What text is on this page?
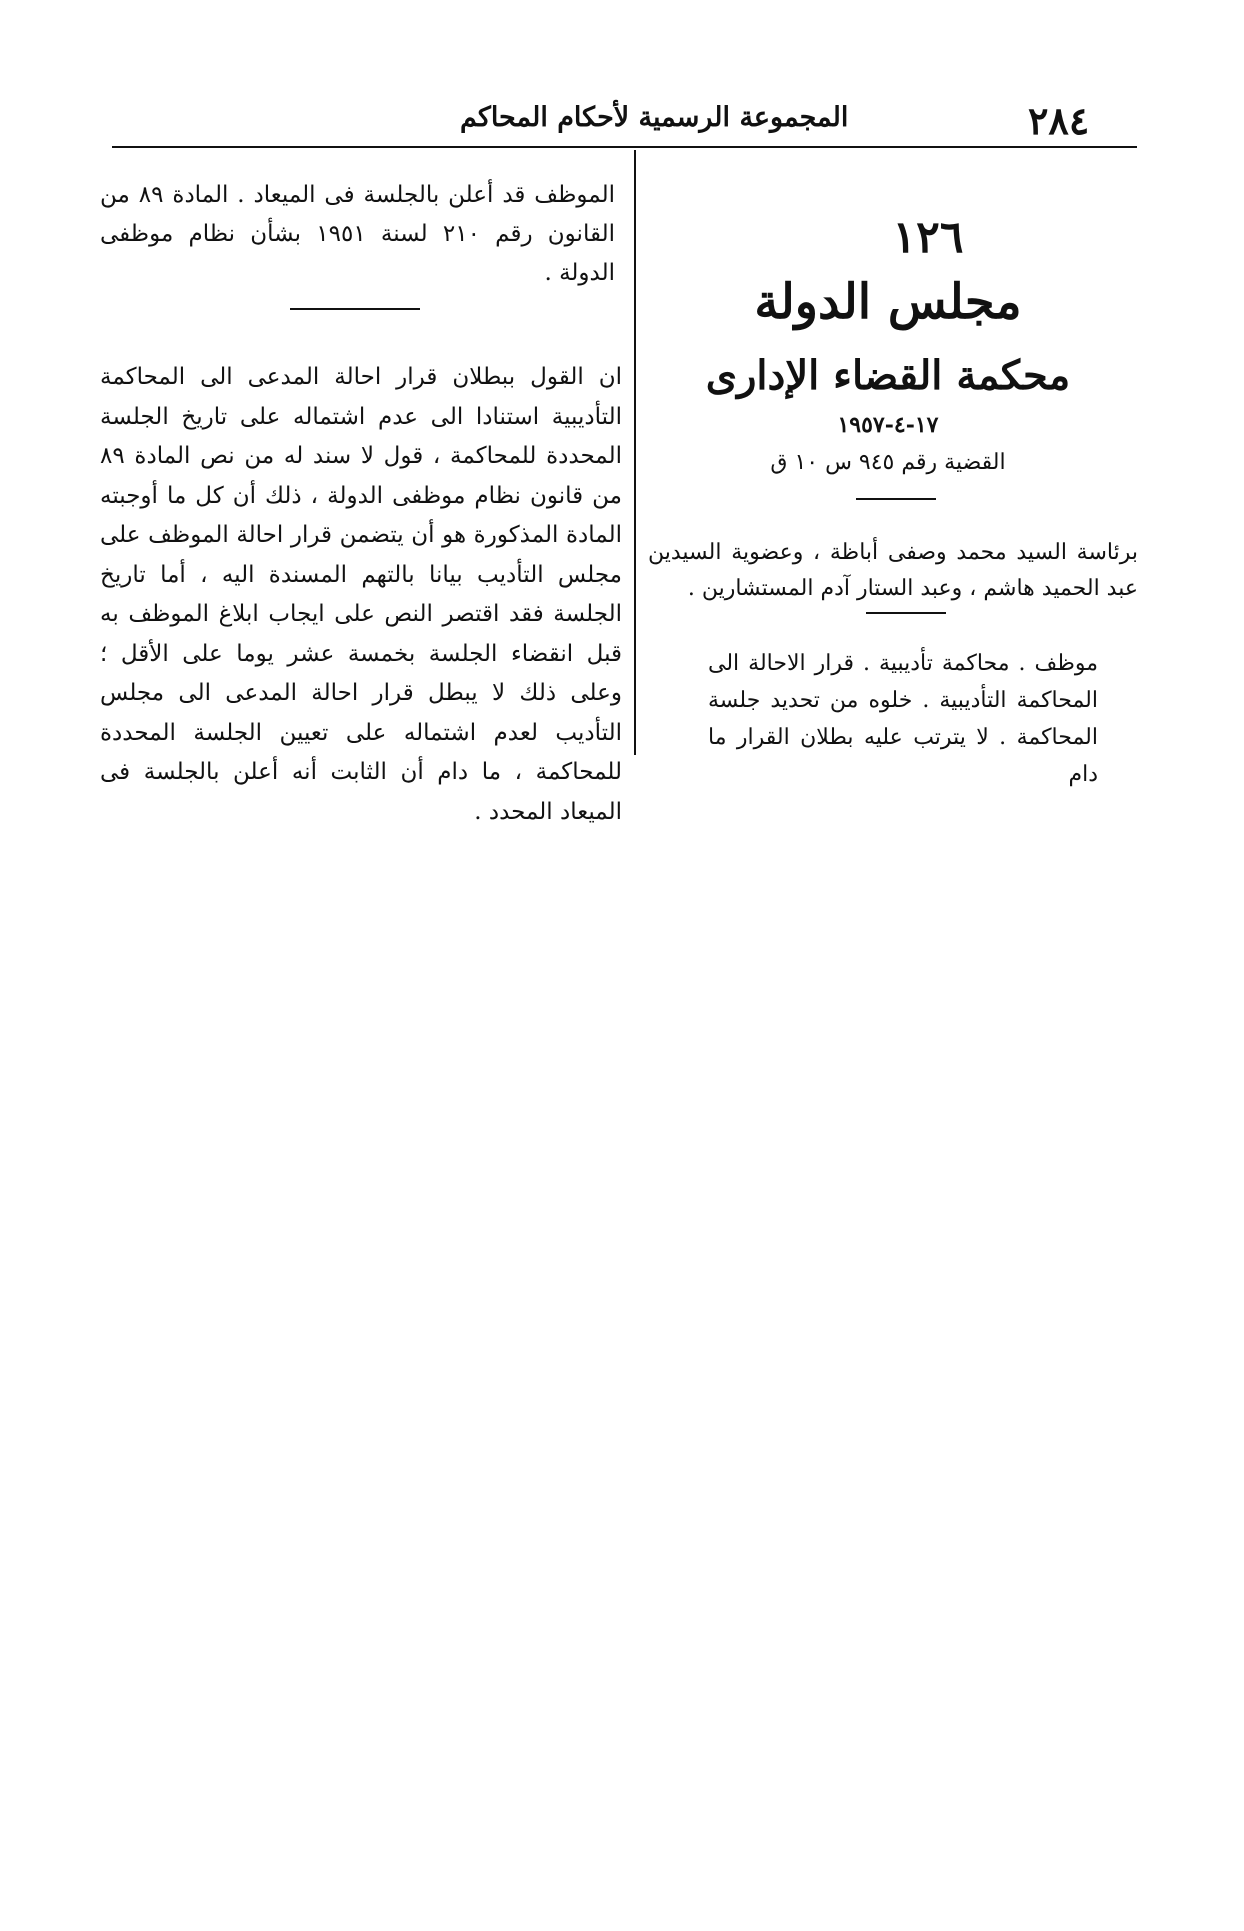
٢٨٤
المجموعة الرسمية لأحكام المحاكم
١٢٦
مجلس الدولة
محكمة القضاء الإدارى
١٧-٤-١٩٥٧
القضية رقم ٩٤٥ س ١٠ ق
برئاسة السيد محمد وصفى أباظة ، وعضوية السيدين عبد الحميد هاشم ، وعبد الستار آدم المستشارين .
موظف . محاكمة تأديبية . قرار الاحالة الى المحاكمة التأديبية . خلوه من تحديد جلسة المحاكمة . لا يترتب عليه بطلان القرار ما دام
الموظف قد أعلن بالجلسة فى الميعاد . المادة ٨٩ من القانون رقم ٢١٠ لسنة ١٩٥١ بشأن نظام موظفى الدولة .
ان القول ببطلان قرار احالة المدعى الى المحاكمة التأديبية استنادا الى عدم اشتماله على تاريخ الجلسة المحددة للمحاكمة ، قول لا سند له من نص المادة ٨٩ من قانون نظام موظفى الدولة ، ذلك أن كل ما أوجبته المادة المذكورة هو أن يتضمن قرار احالة الموظف على مجلس التأديب بيانا بالتهم المسندة اليه ، أما تاريخ الجلسة فقد اقتصر النص على ايجاب ابلاغ الموظف به قبل انقضاء الجلسة بخمسة عشر يوما على الأقل ؛ وعلى ذلك لا يبطل قرار احالة المدعى الى مجلس التأديب لعدم اشتماله على تعيين الجلسة المحددة للمحاكمة ، ما دام أن الثابت أنه أعلن بالجلسة فى الميعاد المحدد .
